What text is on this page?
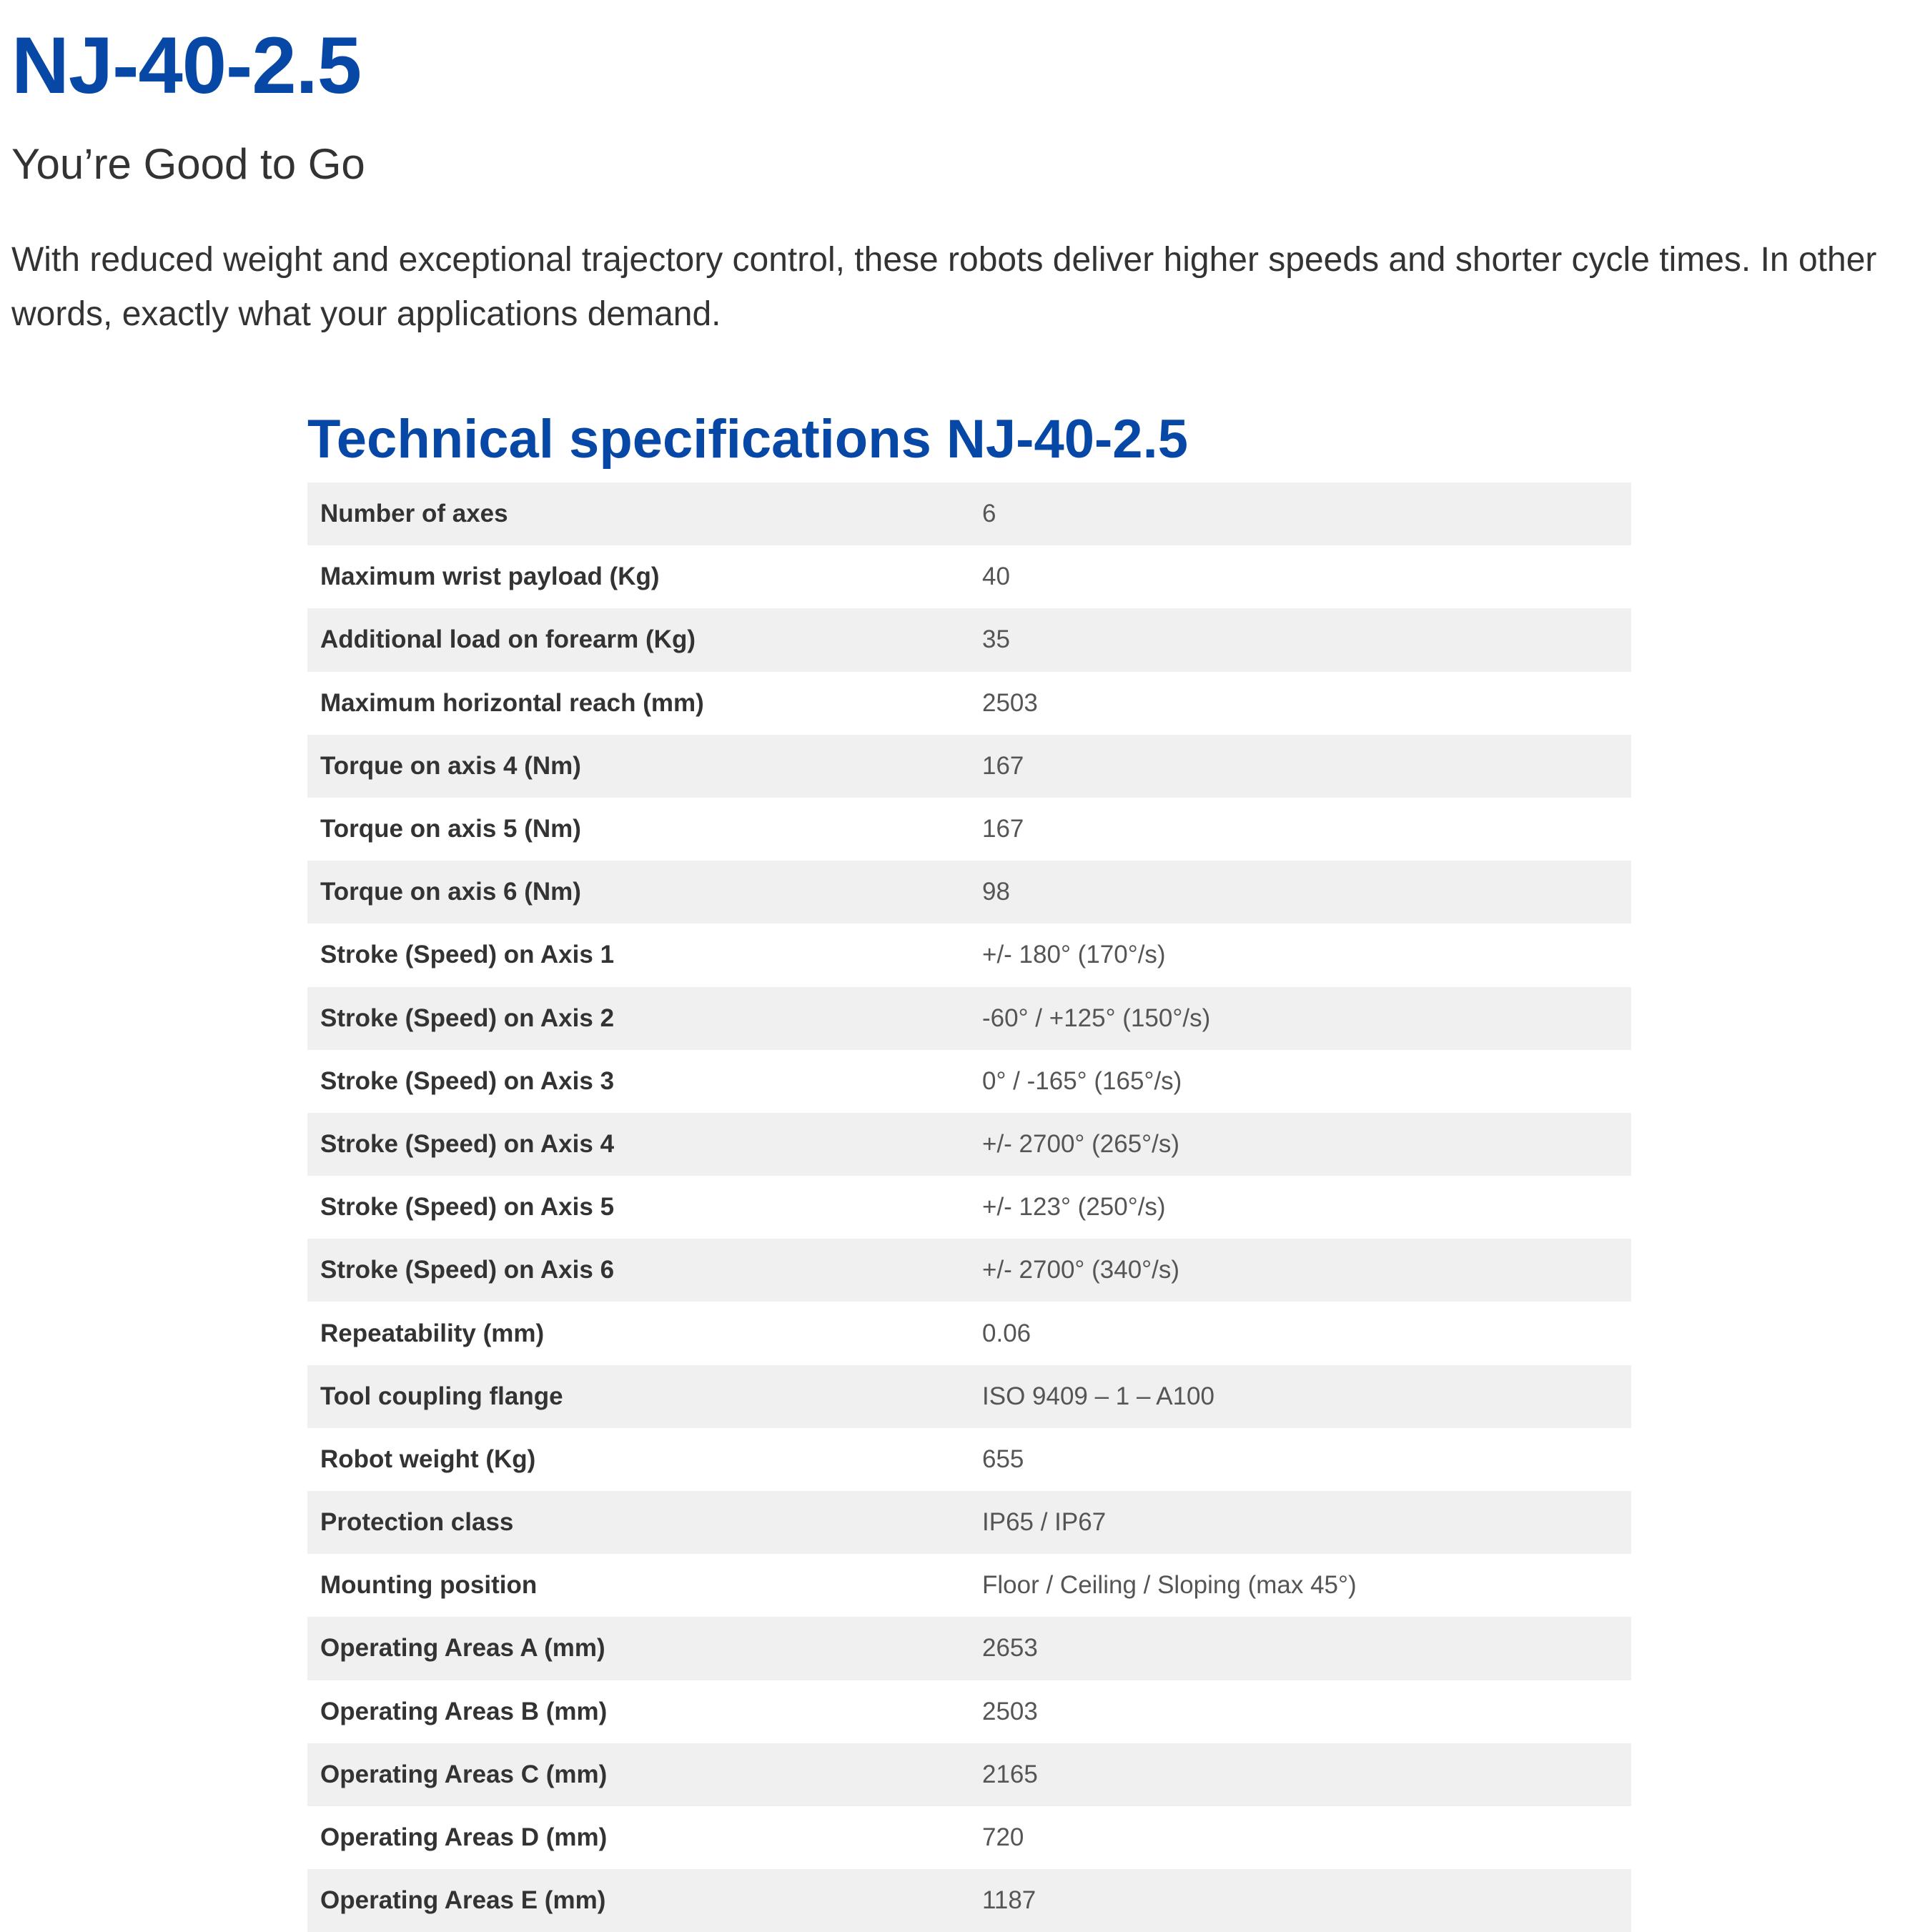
NJ-40-2.5
You’re Good to Go

With reduced weight and exceptional trajectory control, these robots deliver higher speeds and shorter cycle times. In other words, exactly what your applications demand.

Technical specifications NJ-40-2.5
Number of axes	6
Maximum wrist payload (Kg)	40
Additional load on forearm (Kg)	35
Maximum horizontal reach (mm)	2503
Torque on axis 4 (Nm)	167
Torque on axis 5 (Nm)	167
Torque on axis 6 (Nm)	98
Stroke (Speed) on Axis 1	+/- 180° (170°/s)
Stroke (Speed) on Axis 2	-60° / +125° (150°/s)
Stroke (Speed) on Axis 3	0° / -165° (165°/s)
Stroke (Speed) on Axis 4	+/- 2700° (265°/s)
Stroke (Speed) on Axis 5	+/- 123° (250°/s)
Stroke (Speed) on Axis 6	+/- 2700° (340°/s)
Repeatability (mm)	0.06
Tool coupling flange	ISO 9409 – 1 – A100
Robot weight (Kg)	655
Protection class	IP65 / IP67
Mounting position	Floor / Ceiling / Sloping (max 45°)
Operating Areas A (mm)	2653
Operating Areas B (mm)	2503
Operating Areas C (mm)	2165
Operating Areas D (mm)	720
Operating Areas E (mm)	1187
